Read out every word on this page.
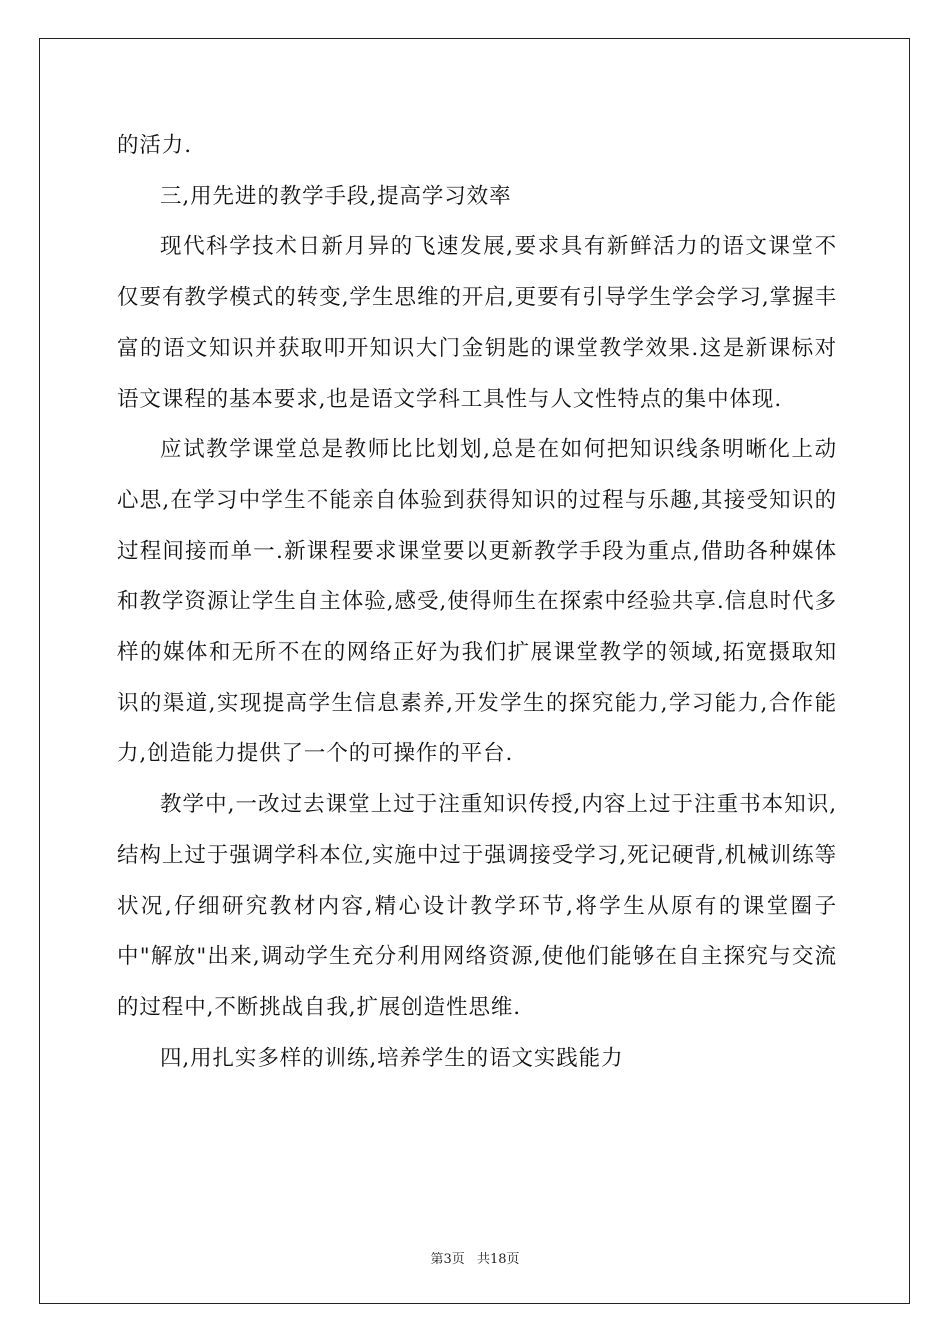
的活力.

三,用先进的教学手段,提高学习效率

现代科学技术日新月异的飞速发展,要求具有新鲜活力的语文课堂不仅要有教学模式的转变,学生思维的开启,更要有引导学生学会学习,掌握丰富的语文知识并获取叩开知识大门金钥匙的课堂教学效果.这是新课标对语文课程的基本要求,也是语文学科工具性与人文性特点的集中体现.

应试教学课堂总是教师比比划划,总是在如何把知识线条明晰化上动心思,在学习中学生不能亲自体验到获得知识的过程与乐趣,其接受知识的过程间接而单一.新课程要求课堂要以更新教学手段为重点,借助各种媒体和教学资源让学生自主体验,感受,使得师生在探索中经验共享.信息时代多样的媒体和无所不在的网络正好为我们扩展课堂教学的领域,拓宽摄取知识的渠道,实现提高学生信息素养,开发学生的探究能力,学习能力,合作能力,创造能力提供了一个的可操作的平台.

教学中,一改过去课堂上过于注重知识传授,内容上过于注重书本知识,结构上过于强调学科本位,实施中过于强调接受学习,死记硬背,机械训练等状况,仔细研究教材内容,精心设计教学环节,将学生从原有的课堂圈子中"解放"出来,调动学生充分利用网络资源,使他们能够在自主探究与交流的过程中,不断挑战自我,扩展创造性思维.

四,用扎实多样的训练,培养学生的语文实践能力

第3页 共18页
